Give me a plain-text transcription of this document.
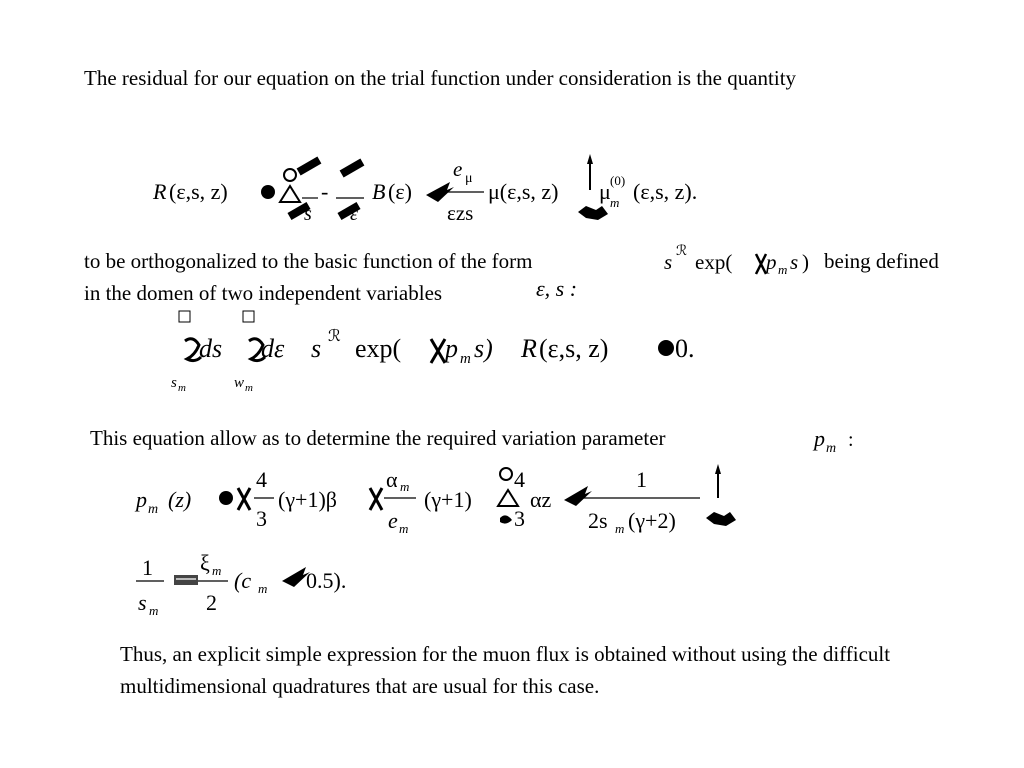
The residual for our equation on the trial function under consideration is the quantity
R (ε,s, z)
s
-
ε
B (ε)
e μ
εzs
μ(ε,s, z) μ (0)
m (ε,s, z).
to be orthogonalized to the basic function of the form	s ℛ exp( p m s ) being defined
in the domen of two independent variables	ε, s :
ds dε s ℛ exp( p m s) R (ε,s, z)	0.
s m	w m
This equation allow as to determine the required variation parameter	p m :
p m (z)
4
3
(γ+1)β
α m
e m
(γ+1)
4
3
αz
1
2s m (γ+2)
1
s m
ξ m
2
(c m 0.5).
Thus, an explicit simple expression for the muon flux is obtained without using the difficult multidimensional quadratures that are usual for this case.
